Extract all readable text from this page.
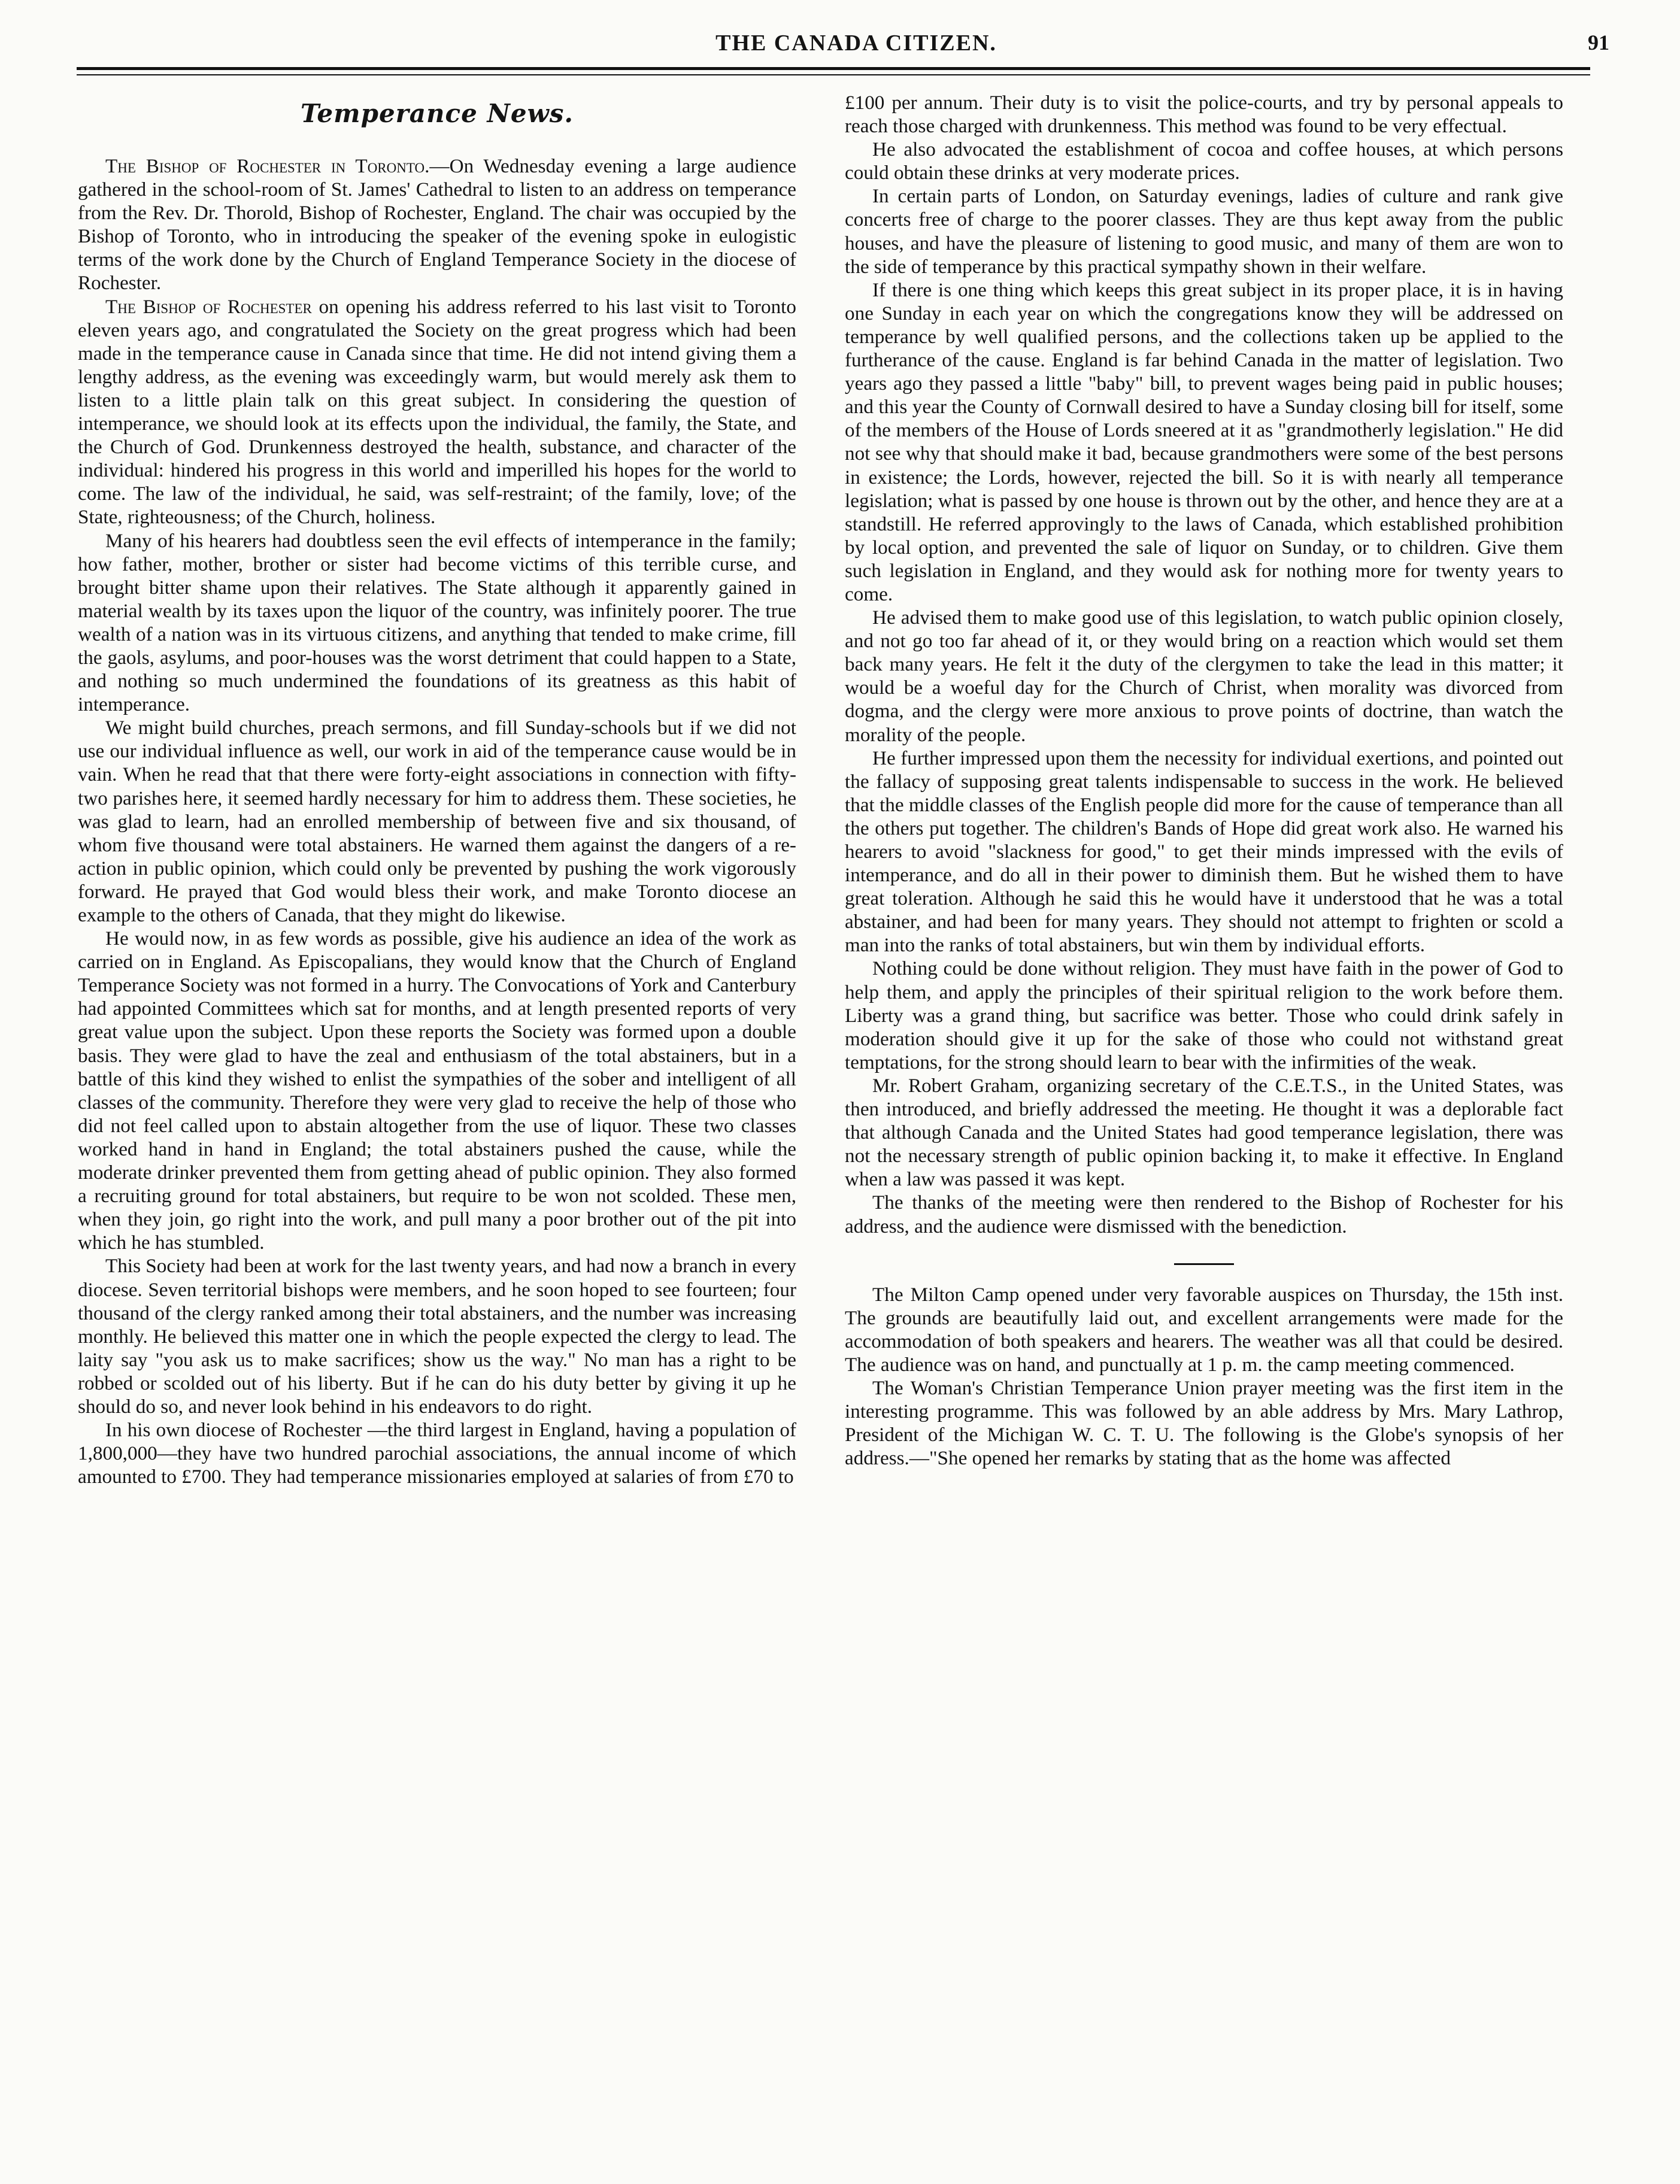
THE CANADA CITIZEN.	91
Temperance News.

The Bishop of Rochester in Toronto.—On Wednesday evening a large audience gathered in the school-room of St. James' Cathedral to listen to an address on temperance from the Rev. Dr. Thorold, Bishop of Rochester, England. The chair was occupied by the Bishop of Toronto, who in introducing the speaker of the evening spoke in eulogistic terms of the work done by the Church of England Temperance Society in the diocese of Rochester.

The Bishop of Rochester on opening his address referred to his last visit to Toronto eleven years ago, and congratulated the Society on the great progress which had been made in the temperance cause in Canada since that time. He did not intend giving them a lengthy address, as the evening was exceedingly warm, but would merely ask them to listen to a little plain talk on this great subject. In considering the question of intemperance, we should look at its effects upon the individual, the family, the State, and the Church of God. Drunkenness destroyed the health, substance, and character of the individual: hindered his progress in this world and imperilled his hopes for the world to come. The law of the individual, he said, was self-restraint; of the family, love; of the State, righteousness; of the Church, holiness.

Many of his hearers had doubtless seen the evil effects of intemperance in the family; how father, mother, brother or sister had become victims of this terrible curse, and brought bitter shame upon their relatives. The State although it apparently gained in material wealth by its taxes upon the liquor of the country, was infinitely poorer. The true wealth of a nation was in its virtuous citizens, and anything that tended to make crime, fill the gaols, asylums, and poor-houses was the worst detriment that could happen to a State, and nothing so much undermined the foundations of its greatness as this habit of intemperance.

We might build churches, preach sermons, and fill Sunday-schools but if we did not use our individual influence as well, our work in aid of the temperance cause would be in vain. When he read that that there were forty-eight associations in connection with fifty-two parishes here, it seemed hardly necessary for him to address them. These societies, he was glad to learn, had an enrolled membership of between five and six thousand, of whom five thousand were total abstainers. He warned them against the dangers of a re-action in public opinion, which could only be prevented by pushing the work vigorously forward. He prayed that God would bless their work, and make Toronto diocese an example to the others of Canada, that they might do likewise.

He would now, in as few words as possible, give his audience an idea of the work as carried on in England. As Episcopalians, they would know that the Church of England Temperance Society was not formed in a hurry. The Convocations of York and Canterbury had appointed Committees which sat for months, and at length presented reports of very great value upon the subject. Upon these reports the Society was formed upon a double basis. They were glad to have the zeal and enthusiasm of the total abstainers, but in a battle of this kind they wished to enlist the sympathies of the sober and intelligent of all classes of the community. Therefore they were very glad to receive the help of those who did not feel called upon to abstain altogether from the use of liquor. These two classes worked hand in hand in England; the total abstainers pushed the cause, while the moderate drinker prevented them from getting ahead of public opinion. They also formed a recruiting ground for total abstainers, but require to be won not scolded. These men, when they join, go right into the work, and pull many a poor brother out of the pit into which he has stumbled.

This Society had been at work for the last twenty years, and had now a branch in every diocese. Seven territorial bishops were members, and he soon hoped to see fourteen; four thousand of the clergy ranked among their total abstainers, and the number was increasing monthly. He believed this matter one in which the people expected the clergy to lead. The laity say "you ask us to make sacrifices; show us the way." No man has a right to be robbed or scolded out of his liberty. But if he can do his duty better by giving it up he should do so, and never look behind in his endeavors to do right.

In his own diocese of Rochester —the third largest in England, having a population of 1,800,000—they have two hundred parochial associations, the annual income of which amounted to £700. They had temperance missionaries employed at salaries of from £70 to

£100 per annum. Their duty is to visit the police-courts, and try by personal appeals to reach those charged with drunkenness. This method was found to be very effectual.

He also advocated the establishment of cocoa and coffee houses, at which persons could obtain these drinks at very moderate prices.

In certain parts of London, on Saturday evenings, ladies of culture and rank give concerts free of charge to the poorer classes. They are thus kept away from the public houses, and have the pleasure of listening to good music, and many of them are won to the side of temperance by this practical sympathy shown in their welfare.

If there is one thing which keeps this great subject in its proper place, it is in having one Sunday in each year on which the congregations know they will be addressed on temperance by well qualified persons, and the collections taken up be applied to the furtherance of the cause. England is far behind Canada in the matter of legislation. Two years ago they passed a little "baby" bill, to prevent wages being paid in public houses; and this year the County of Cornwall desired to have a Sunday closing bill for itself, some of the members of the House of Lords sneered at it as "grandmotherly legislation." He did not see why that should make it bad, because grandmothers were some of the best persons in existence; the Lords, however, rejected the bill. So it is with nearly all temperance legislation; what is passed by one house is thrown out by the other, and hence they are at a standstill. He referred approvingly to the laws of Canada, which established prohibition by local option, and prevented the sale of liquor on Sunday, or to children. Give them such legislation in England, and they would ask for nothing more for twenty years to come.

He advised them to make good use of this legislation, to watch public opinion closely, and not go too far ahead of it, or they would bring on a reaction which would set them back many years. He felt it the duty of the clergymen to take the lead in this matter; it would be a woeful day for the Church of Christ, when morality was divorced from dogma, and the clergy were more anxious to prove points of doctrine, than watch the morality of the people.

He further impressed upon them the necessity for individual exertions, and pointed out the fallacy of supposing great talents indispensable to success in the work. He believed that the middle classes of the English people did more for the cause of temperance than all the others put together. The children's Bands of Hope did great work also. He warned his hearers to avoid "slackness for good," to get their minds impressed with the evils of intemperance, and do all in their power to diminish them. But he wished them to have great toleration. Although he said this he would have it understood that he was a total abstainer, and had been for many years. They should not attempt to frighten or scold a man into the ranks of total abstainers, but win them by individual efforts.

Nothing could be done without religion. They must have faith in the power of God to help them, and apply the principles of their spiritual religion to the work before them. Liberty was a grand thing, but sacrifice was better. Those who could drink safely in moderation should give it up for the sake of those who could not withstand great temptations, for the strong should learn to bear with the infirmities of the weak.

Mr. Robert Graham, organizing secretary of the C.E.T.S., in the United States, was then introduced, and briefly addressed the meeting. He thought it was a deplorable fact that although Canada and the United States had good temperance legislation, there was not the necessary strength of public opinion backing it, to make it effective. In England when a law was passed it was kept.

The thanks of the meeting were then rendered to the Bishop of Rochester for his address, and the audience were dismissed with the benediction.

The Milton Camp opened under very favorable auspices on Thursday, the 15th inst. The grounds are beautifully laid out, and excellent arrangements were made for the accommodation of both speakers and hearers. The weather was all that could be desired. The audience was on hand, and punctually at 1 p. m. the camp meeting commenced.

The Woman's Christian Temperance Union prayer meeting was the first item in the interesting programme. This was followed by an able address by Mrs. Mary Lathrop, President of the Michigan W. C. T. U. The following is the Globe's synopsis of her address.—"She opened her remarks by stating that as the home was affected
